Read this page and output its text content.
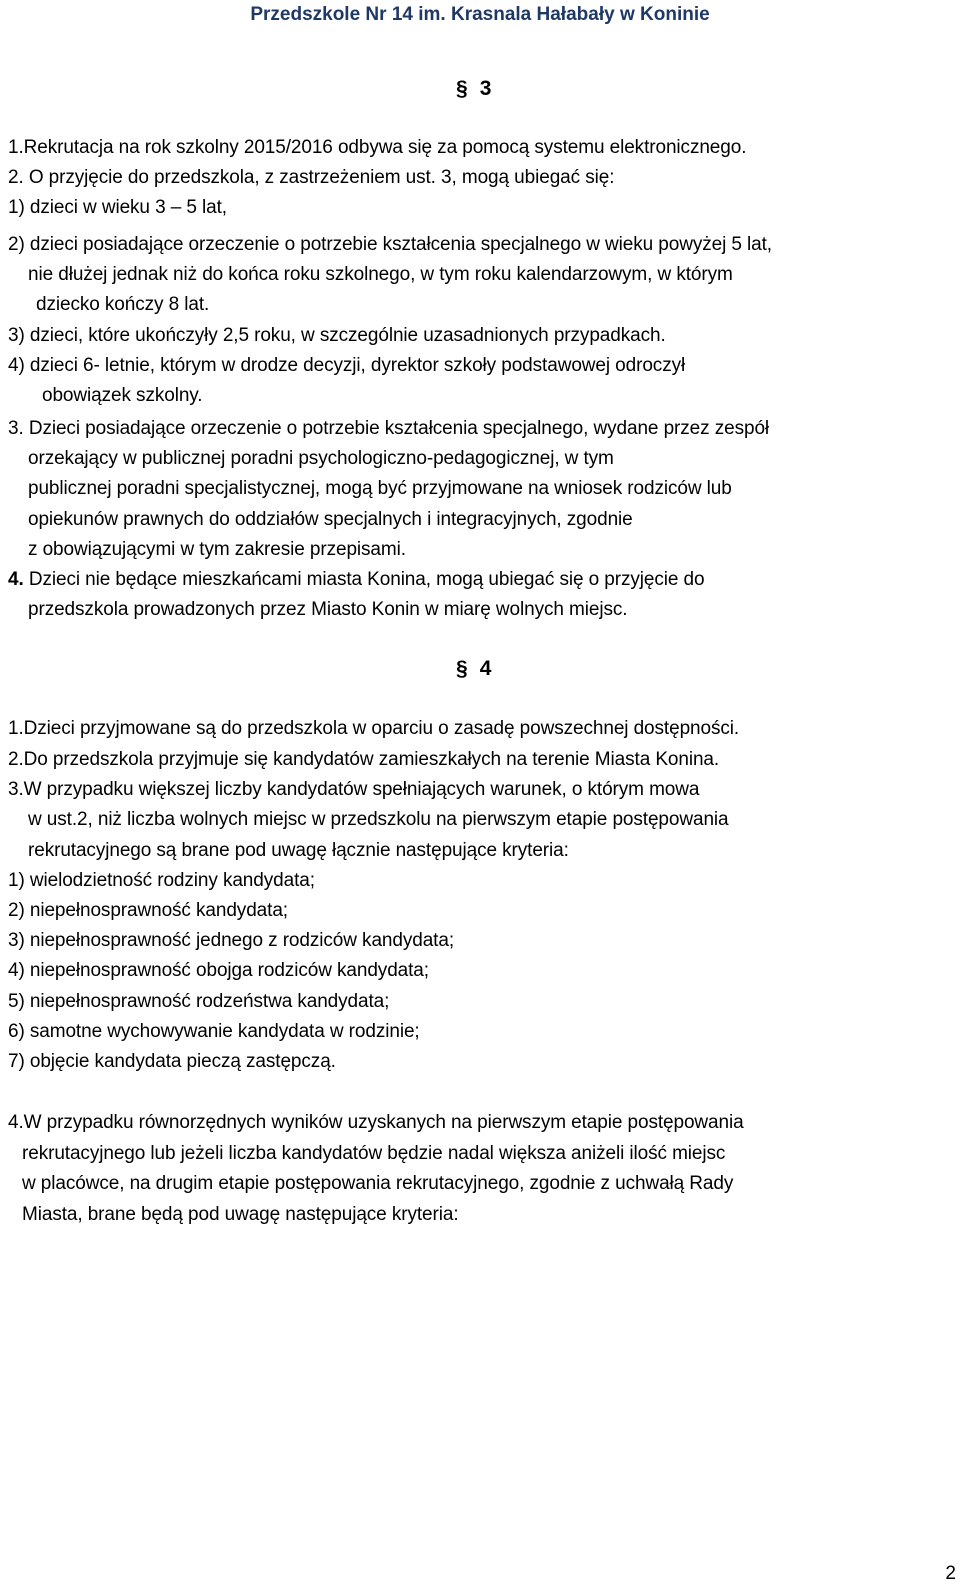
Przedszkole Nr 14 im. Krasnala Hałabały w Koninie
§ 3

1.Rekrutacja na rok szkolny 2015/2016 odbywa się za pomocą systemu elektronicznego.

2. O przyjęcie do przedszkola, z zastrzeżeniem ust. 3, mogą ubiegać się:

1) dzieci w wieku 3 – 5 lat,

2) dzieci posiadające orzeczenie o potrzebie kształcenia specjalnego w wieku powyżej 5 lat,

nie dłużej jednak niż do końca roku szkolnego, w tym roku kalendarzowym, w którym

dziecko kończy 8 lat.

3) dzieci, które ukończyły 2,5 roku, w szczególnie uzasadnionych przypadkach.

4) dzieci 6- letnie, którym w drodze decyzji, dyrektor szkoły podstawowej odroczył

obowiązek szkolny.

3. Dzieci posiadające orzeczenie o potrzebie kształcenia specjalnego, wydane przez zespół

orzekający w publicznej poradni psychologiczno-pedagogicznej, w tym

publicznej poradni specjalistycznej, mogą być przyjmowane na wniosek rodziców lub

opiekunów prawnych do oddziałów specjalnych i integracyjnych, zgodnie

z obowiązującymi w tym zakresie przepisami.

4. Dzieci nie będące mieszkańcami miasta Konina, mogą ubiegać się o przyjęcie do

przedszkola prowadzonych przez Miasto Konin w miarę wolnych miejsc.

§ 4

1.Dzieci przyjmowane są do przedszkola w oparciu o zasadę powszechnej dostępności.

2.Do przedszkola przyjmuje się kandydatów zamieszkałych na terenie Miasta Konina.

3.W przypadku większej liczby kandydatów spełniających warunek, o którym mowa

w ust.2, niż liczba wolnych miejsc w przedszkolu na pierwszym etapie postępowania

rekrutacyjnego są brane pod uwagę łącznie następujące kryteria:

1) wielodzietność rodziny kandydata;

2) niepełnosprawność kandydata;

3) niepełnosprawność jednego z rodziców kandydata;

4) niepełnosprawność obojga rodziców kandydata;

5) niepełnosprawność rodzeństwa kandydata;

6) samotne wychowywanie kandydata w rodzinie;

7) objęcie kandydata pieczą zastępczą.

4.W przypadku równorzędnych wyników uzyskanych na pierwszym etapie postępowania

rekrutacyjnego lub jeżeli liczba kandydatów będzie nadal większa aniżeli ilość miejsc

w placówce, na drugim etapie postępowania rekrutacyjnego, zgodnie z uchwałą Rady

Miasta, brane będą pod uwagę następujące kryteria:

2
